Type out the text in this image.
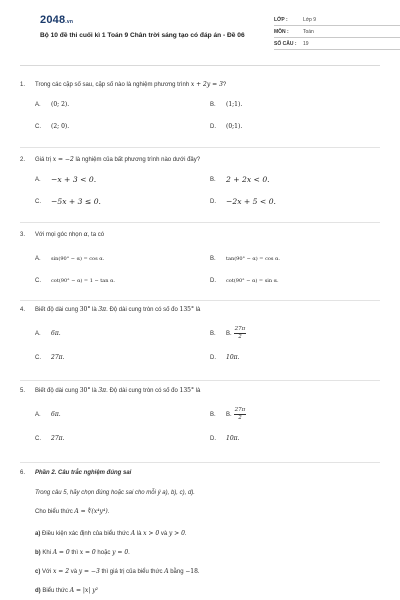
2048.vn
Bộ 10 đề thi cuối kì 1 Toán 9 Chân trời sáng tạo có đáp án - Đề 06
LỚP :	Lớp 9
MÔN :	Toán
SỐ CÂU :	19
1.	Trong các cặp số sau, cặp số nào là nghiệm phương trình x + 2y = 3?
A.	(0; 2).	B.	(1;1).
C.	(2; 0).	D.	(0;1).
2.	Giá trị x = −2 là nghiệm của bất phương trình nào dưới đây?
A.	−x + 3 < 0.	B.	2 + 2x < 0.
C.	−5x + 3 ≤ 0.	D.	−2x + 5 < 0.
3.	Với mọi góc nhọn α, ta có
A.	sin(90° − α) = cos α.	B.	tan(90° − α) = cos α.
C.	cot(90° − α) = 1 − tan α.	D.	cot(90° − α) = sin α.
4.	Biết độ dài cung 30° là 3π. Độ dài cung tròn có số đo 135° là
A.	6π.	B.	B. $\frac{27\pi}{2}$
C.	27π.	D.	10π.
5.	Biết độ dài cung 30° là 3π. Độ dài cung tròn có số đo 135° là
A.	6π.	B.	B. $\frac{27\pi}{2}$
C.	27π.	D.	10π.
6.	Phần 2. Câu trắc nghiệm đúng sai
Trong câu 5, hãy chọn đúng hoặc sai cho mỗi ý a), b), c), d).
Cho biểu thức
A = ∜(x⁴y⁴) .
a)
Điều kiện xác định của biểu thức
A
là
x > 0
và
y > 0 .
b)
Khi
A = 0
thì
x = 0
hoặc
y = 0 .
c)
Với
x = 2
và
y = −3
thì giá trị của biểu thức
A
bằng
−18 .
d)
Biểu thức
A = |x| y²
